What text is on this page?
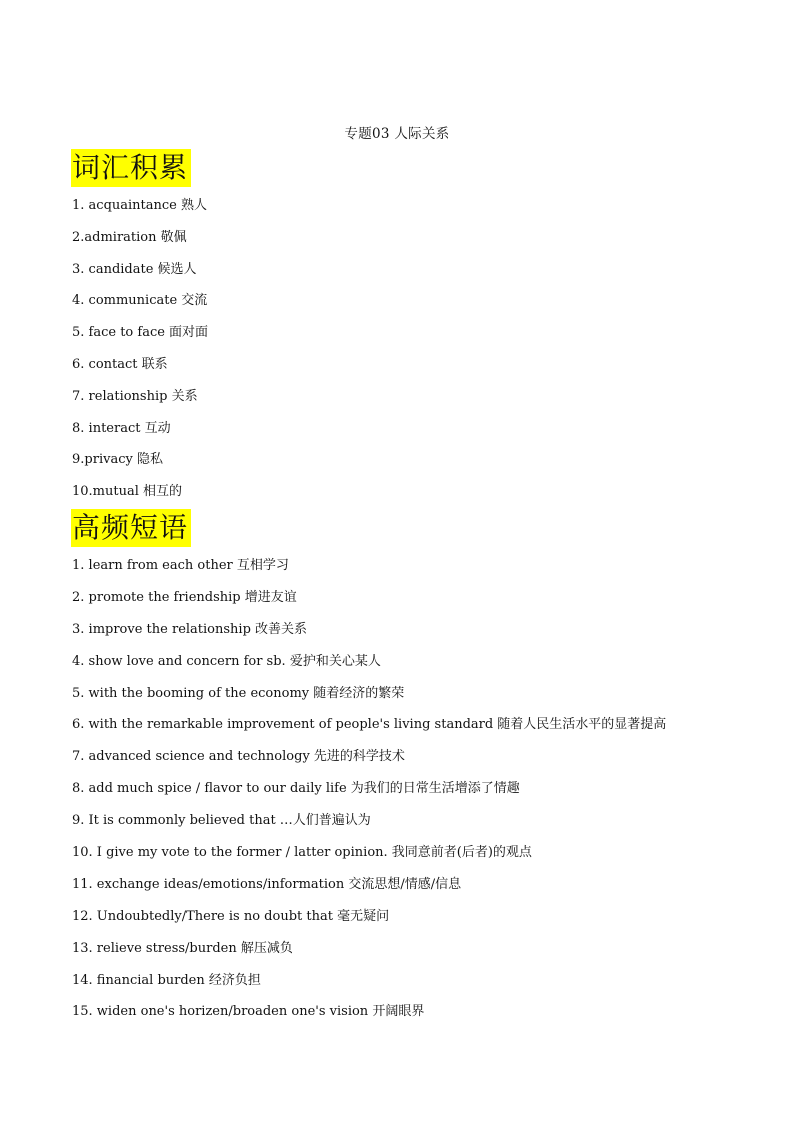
专题03 人际关系
词汇积累
1. acquaintance 熟人
2.admiration 敬佩
3. candidate 候选人
4. communicate 交流
5. face to face 面对面
6. contact 联系
7. relationship 关系
8. interact 互动
9.privacy 隐私
10.mutual 相互的
高频短语
1. learn from each other 互相学习
2. promote the friendship 增进友谊
3. improve the relationship 改善关系
4. show love and concern for sb. 爱护和关心某人
5. with the booming of the economy 随着经济的繁荣
6. with the remarkable improvement of people's living standard 随着人民生活水平的显著提高
7. advanced science and technology 先进的科学技术
8. add much spice / flavor to our daily life 为我们的日常生活增添了情趣
9. It is commonly believed that …人们普遍认为
10. I give my vote to the former / latter opinion. 我同意前者(后者)的观点
11. exchange ideas/emotions/information 交流思想/情感/信息
12. Undoubtedly/There is no doubt that 毫无疑问
13. relieve stress/burden 解压减负
14. financial burden 经济负担
15. widen one's horizen/broaden one's vision 开阔眼界
